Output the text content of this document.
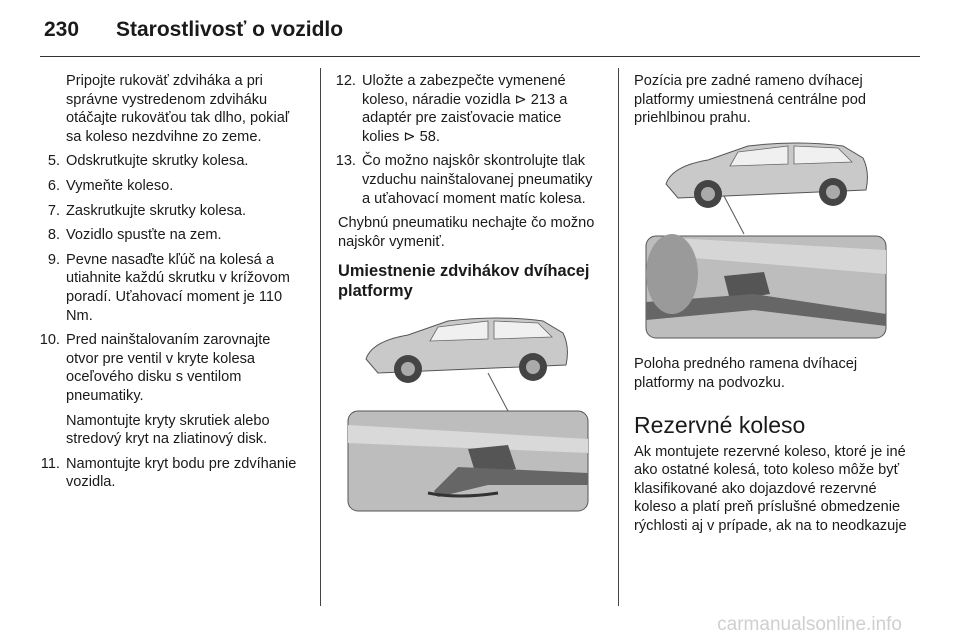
230	Starostlivosť o vozidlo

Pripojte rukoväť zdviháka a pri správne vystredenom zdviháku otáčajte rukoväťou tak dlho, pokiaľ sa koleso nezdvihne zo zeme.

5. Odskrutkujte skrutky kolesa.
6. Vymeňte koleso.
7. Zaskrutkujte skrutky kolesa.
8. Vozidlo spusťte na zem.
9. Pevne nasaďte kľúč na kolesá a utiahnite každú skrutku v krížovom poradí. Uťahovací moment je 110 Nm.
10. Pred nainštalovaním zarovnajte otvor pre ventil v kryte kolesa oceľového disku s ventilom pneumatiky.

Namontujte kryty skrutiek alebo stredový kryt na zliatinový disk.

11. Namontujte kryt bodu pre zdvíhanie vozidla.
12. Uložte a zabezpečte vymenené koleso, náradie vozidla ⊳ 213 a adaptér pre zaisťovacie matice kolies ⊳ 58.
13. Čo možno najskôr skontrolujte tlak vzduchu nainštalovanej pneumatiky a uťahovací moment matíc kolesa.

Chybnú pneumatiku nechajte čo možno najskôr vymeniť.

Umiestnenie zdvihákov dvíhacej platformy

Pozícia pre zadné rameno dvíhacej platformy umiestnená centrálne pod priehlbinou prahu.

Poloha predného ramena dvíhacej platformy na podvozku.

Rezervné koleso

Ak montujete rezervné koleso, ktoré je iné ako ostatné kolesá, toto koleso môže byť klasifikované ako dojazdové rezervné koleso a platí preň príslušné obmedzenie rýchlosti aj v prípade, ak na to neodkazuje

carmanualsonline.info
